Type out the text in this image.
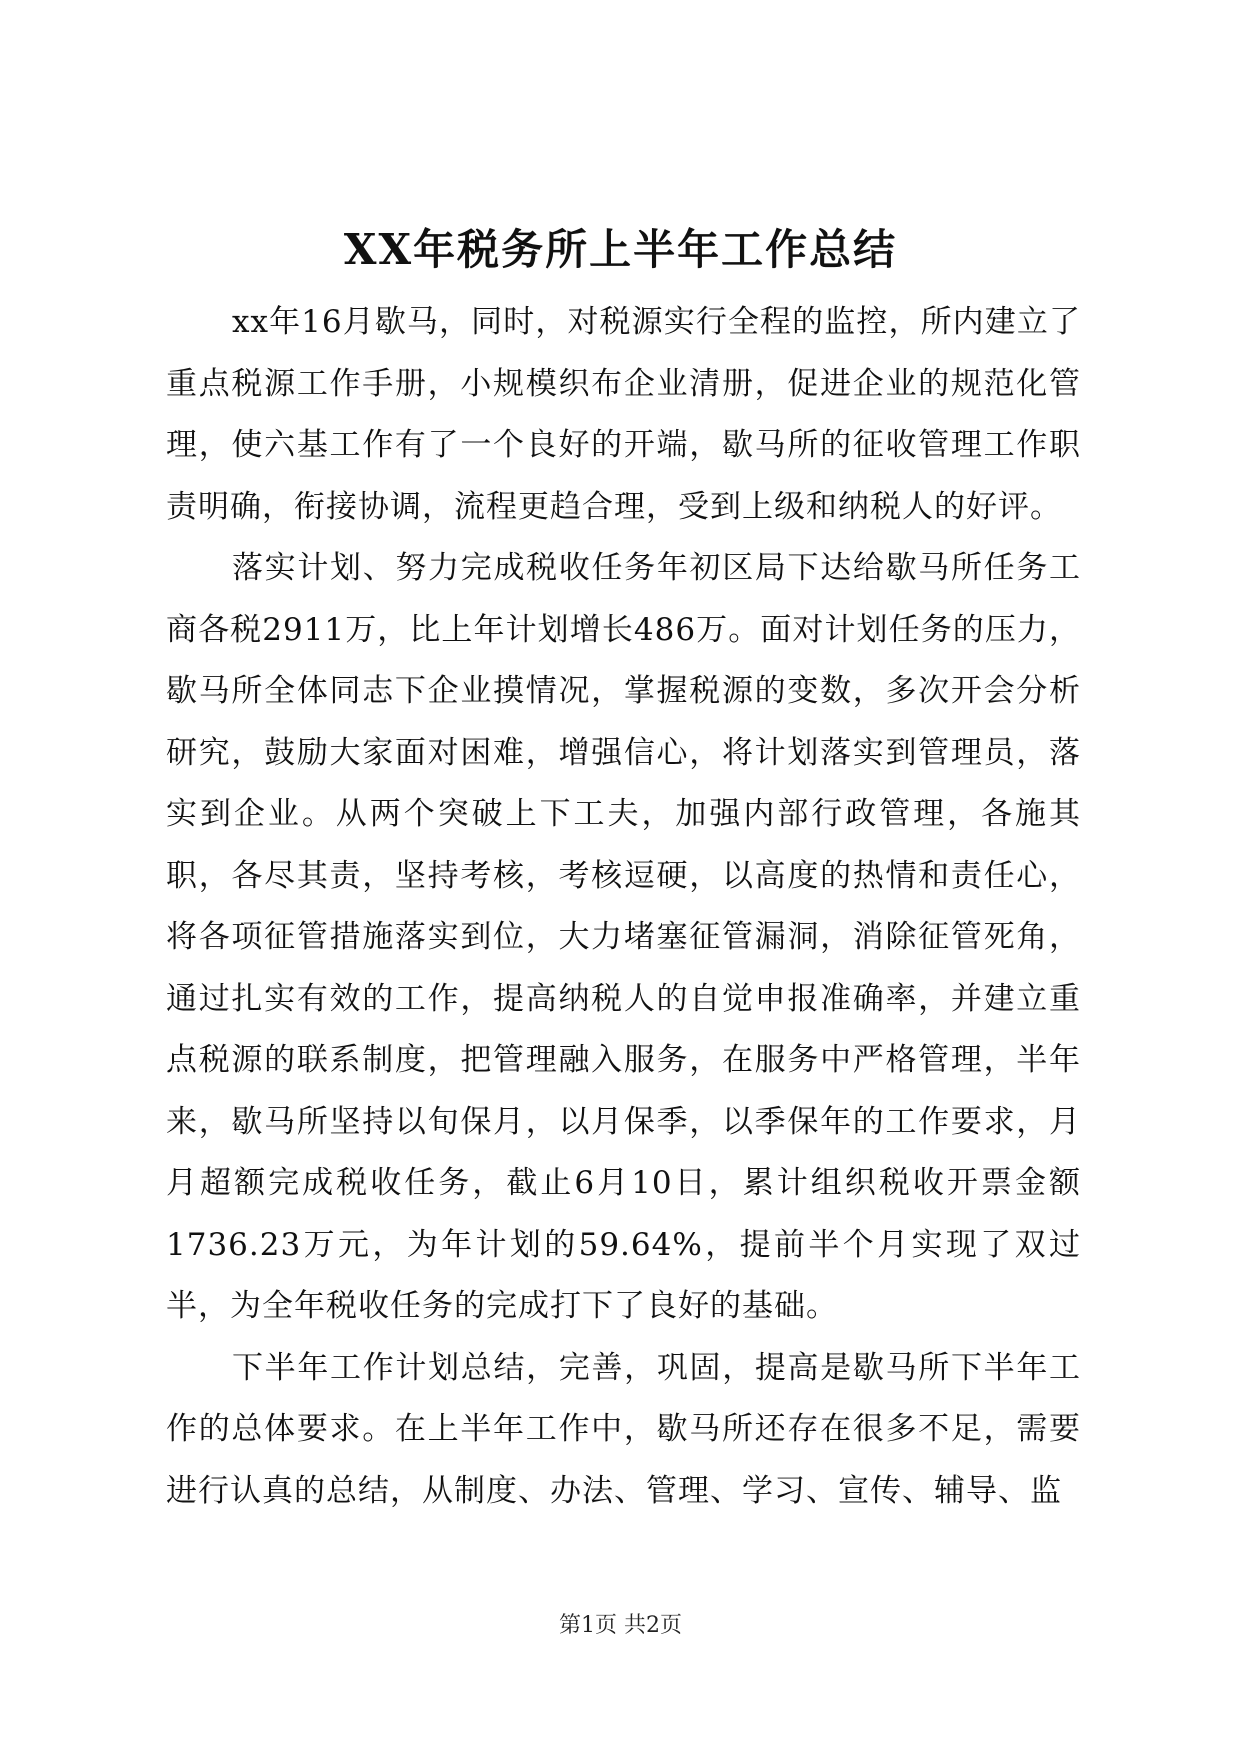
XX年税务所上半年工作总结

xx年16月歇马，同时，对税源实行全程的监控，所内建立了重点税源工作手册，小规模织布企业清册，促进企业的规范化管理，使六基工作有了一个良好的开端，歇马所的征收管理工作职责明确，衔接协调，流程更趋合理，受到上级和纳税人的好评。

落实计划、努力完成税收任务年初区局下达给歇马所任务工商各税2911万，比上年计划增长486万。面对计划任务的压力，歇马所全体同志下企业摸情况，掌握税源的变数，多次开会分析研究，鼓励大家面对困难，增强信心，将计划落实到管理员，落实到企业。从两个突破上下工夫，加强内部行政管理，各施其职，各尽其责，坚持考核，考核逗硬，以高度的热情和责任心，将各项征管措施落实到位，大力堵塞征管漏洞，消除征管死角，通过扎实有效的工作，提高纳税人的自觉申报准确率，并建立重点税源的联系制度，把管理融入服务，在服务中严格管理，半年来，歇马所坚持以旬保月，以月保季，以季保年的工作要求，月月超额完成税收任务，截止6月10日，累计组织税收开票金额1736.23万元，为年计划的59.64%，提前半个月实现了双过半，为全年税收任务的完成打下了良好的基础。

下半年工作计划总结，完善，巩固，提高是歇马所下半年工作的总体要求。在上半年工作中，歇马所还存在很多不足，需要进行认真的总结，从制度、办法、管理、学习、宣传、辅导、监

第1页 共2页
